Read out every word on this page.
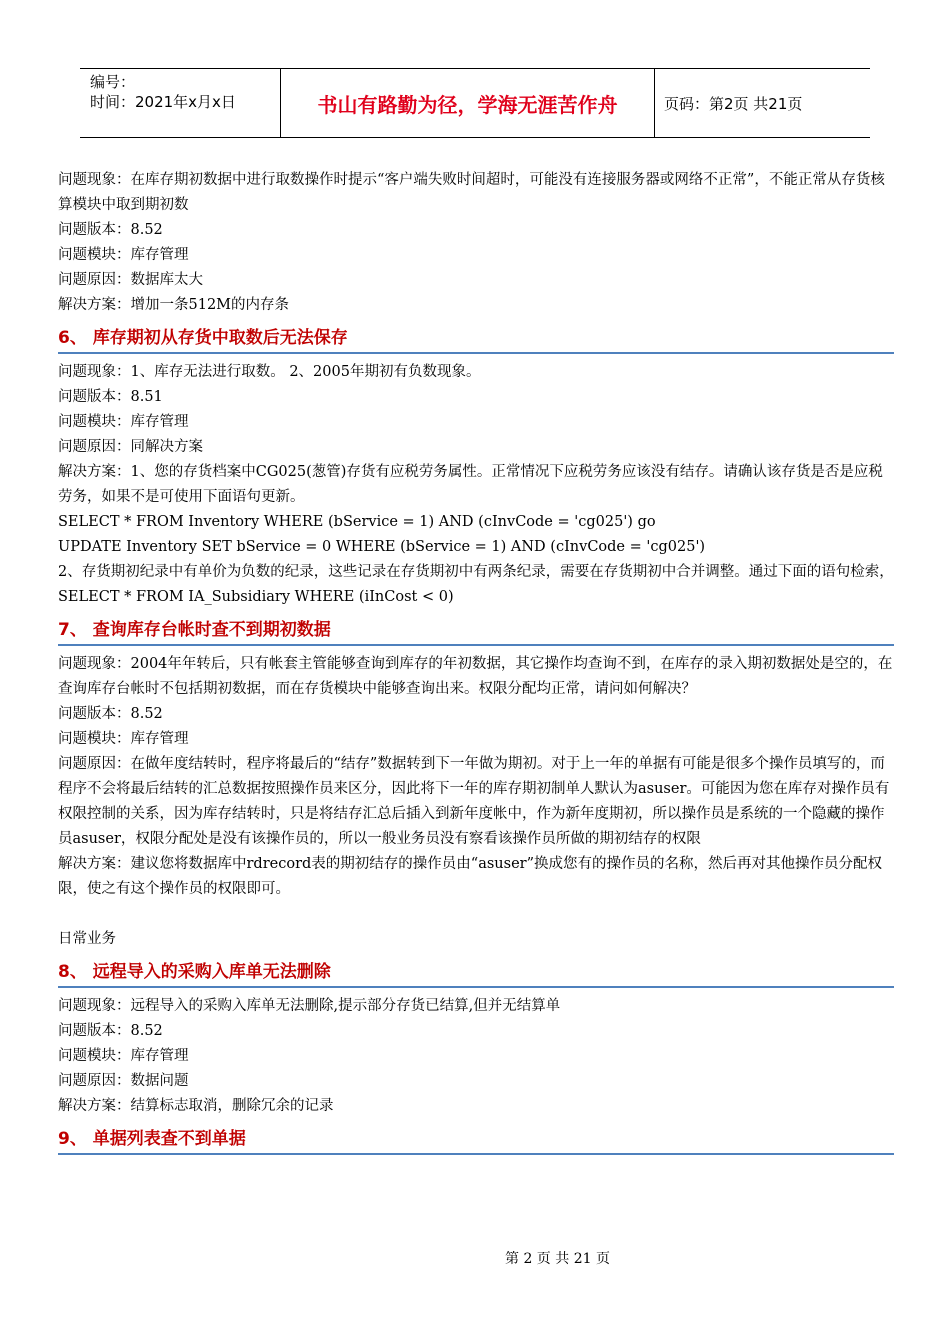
编号：
时间：2021年x月x日	书山有路勤为径，学海无涯苦作舟	页码：第2页 共21页
问题现象：在库存期初数据中进行取数操作时提示“客户端失败时间超时，可能没有连接服务器或网络不正常”，不能正常从存货核算模块中取到期初数
问题版本：8.52
问题模块：库存管理
问题原因：数据库太大
解决方案：增加一条512M的内存条
6、 库存期初从存货中取数后无法保存
问题现象：1、库存无法进行取数。 2、2005年期初有负数现象。
问题版本：8.51
问题模块：库存管理
问题原因：同解决方案
解决方案：1、您的存货档案中CG025(葱管)存货有应税劳务属性。正常情况下应税劳务应该没有结存。请确认该存货是否是应税劳务，如果不是可使用下面语句更新。
SELECT * FROM Inventory WHERE (bService = 1) AND (cInvCode = 'cg025') go
UPDATE Inventory SET bService = 0 WHERE (bService = 1) AND (cInvCode = 'cg025')
2、存货期初纪录中有单价为负数的纪录，这些记录在存货期初中有两条纪录，需要在存货期初中合并调整。通过下面的语句检索， SELECT * FROM IA_Subsidiary WHERE (iInCost < 0)
7、 查询库存台帐时查不到期初数据
问题现象：2004年年转后，只有帐套主管能够查询到库存的年初数据，其它操作均查询不到，在库存的录入期初数据处是空的，在查询库存台帐时不包括期初数据，而在存货模块中能够查询出来。权限分配均正常，请问如何解决？
问题版本：8.52
问题模块：库存管理
问题原因：在做年度结转时，程序将最后的“结存”数据转到下一年做为期初。对于上一年的单据有可能是很多个操作员填写的，而程序不会将最后结转的汇总数据按照操作员来区分，因此将下一年的库存期初制单人默认为asuser。可能因为您在库存对操作员有权限控制的关系，因为库存结转时，只是将结存汇总后插入到新年度帐中，作为新年度期初，所以操作员是系统的一个隐藏的操作员asuser，权限分配处是没有该操作员的，所以一般业务员没有察看该操作员所做的期初结存的权限
解决方案：建议您将数据库中rdrecord表的期初结存的操作员由“asuser”换成您有的操作员的名称，然后再对其他操作员分配权限，使之有这个操作员的权限即可。
日常业务
8、 远程导入的采购入库单无法删除
问题现象：远程导入的采购入库单无法删除,提示部分存货已结算,但并无结算单
问题版本：8.52
问题模块：库存管理
问题原因：数据问题
解决方案：结算标志取消，删除冗余的记录
9、 单据列表查不到单据
第 2 页 共 21 页
